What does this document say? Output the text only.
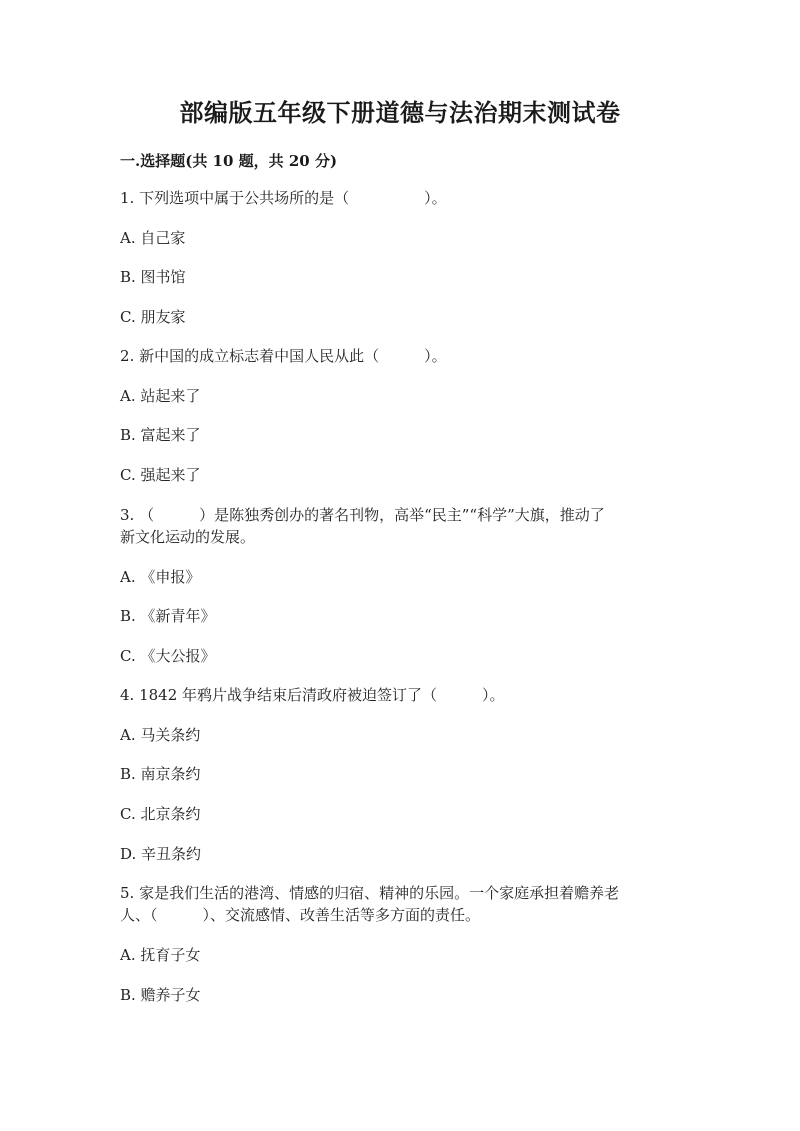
部编版五年级下册道德与法治期末测试卷
一.选择题(共 10 题，共 20 分)
1. 下列选项中属于公共场所的是（　　　　　）。
A. 自己家
B. 图书馆
C. 朋友家
2. 新中国的成立标志着中国人民从此（　　　）。
A. 站起来了
B. 富起来了
C. 强起来了
3. （　　　）是陈独秀创办的著名刊物，高举“民主”“科学”大旗，推动了
新文化运动的发展。
A. 《申报》
B. 《新青年》
C. 《大公报》
4. 1842 年鸦片战争结束后清政府被迫签订了（　　　）。
A. 马关条约
B. 南京条约
C. 北京条约
D. 辛丑条约
5. 家是我们生活的港湾、情感的归宿、精神的乐园。一个家庭承担着赡养老
人、（　　　）、交流感情、改善生活等多方面的责任。
A. 抚育子女
B. 赡养子女
